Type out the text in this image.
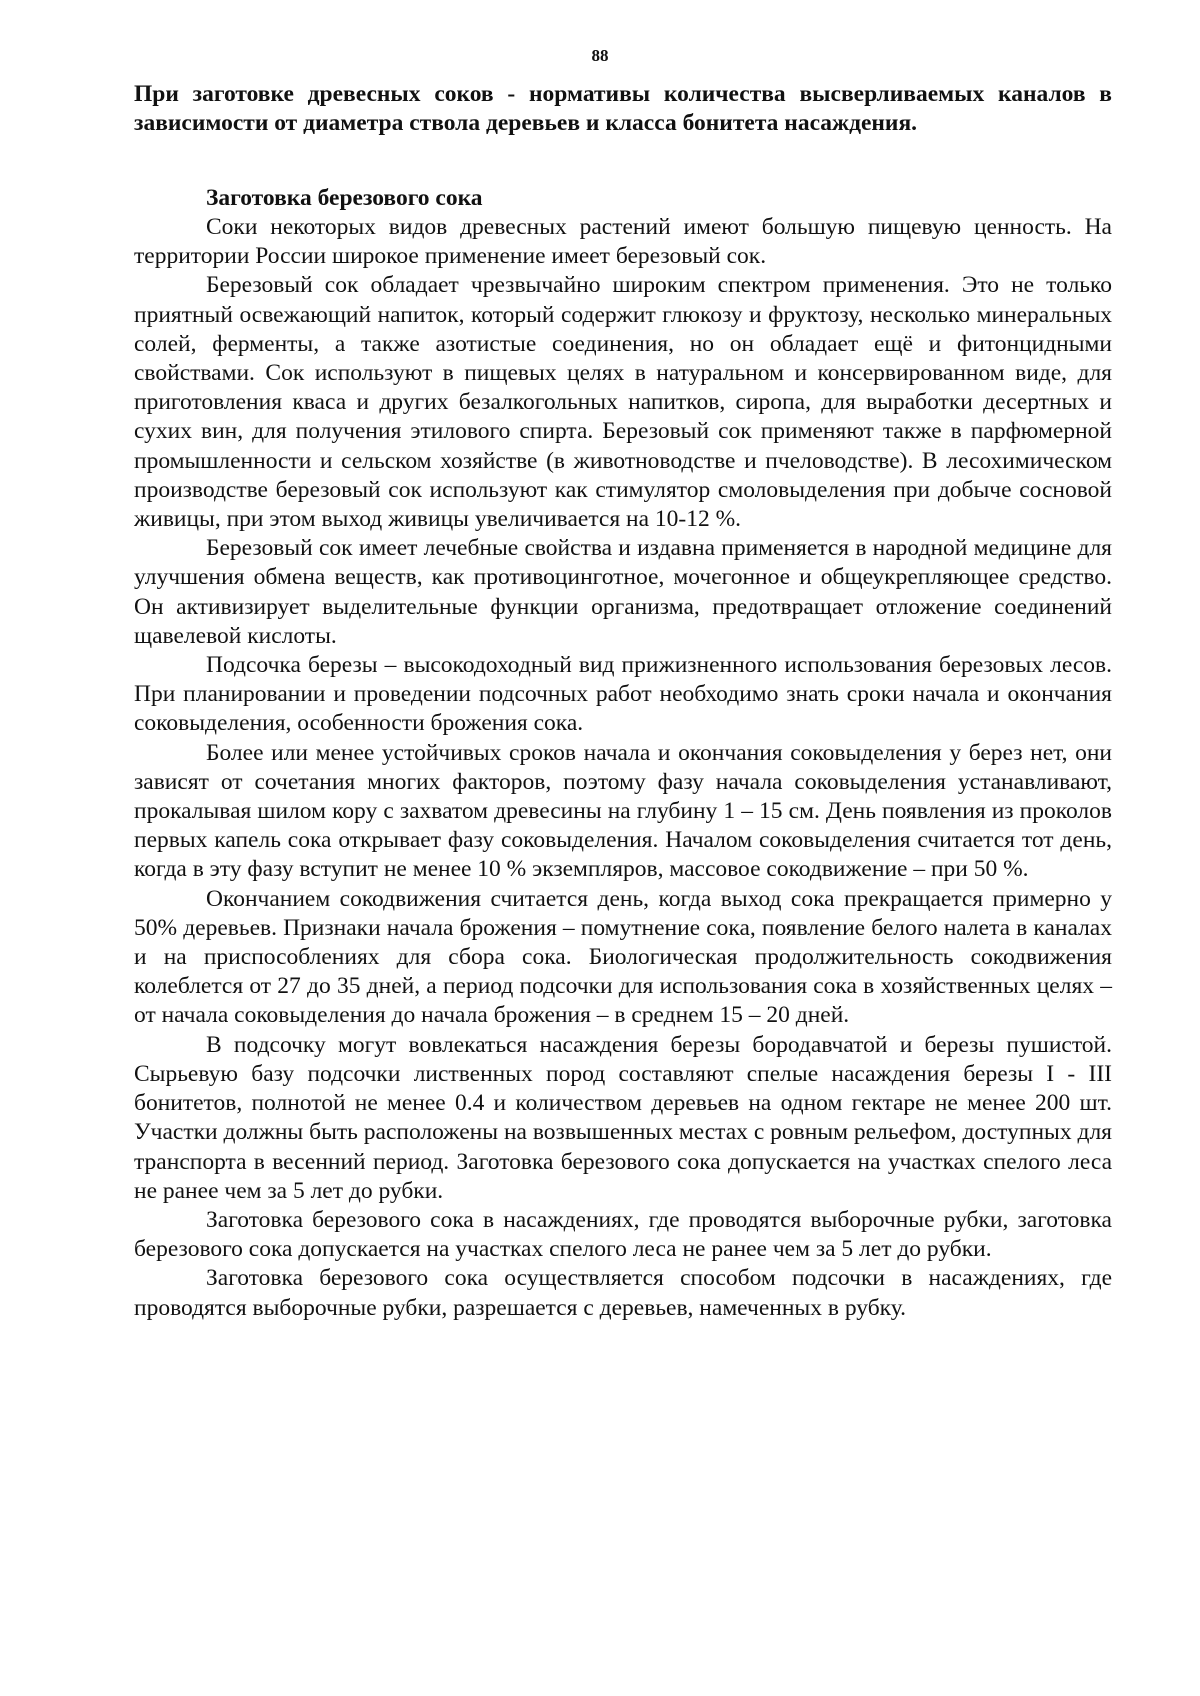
88

При заготовке древесных соков - нормативы количества высверливаемых каналов в зависимости от диаметра ствола деревьев и класса бонитета насаждения.

Заготовка березового сока

Соки некоторых видов древесных растений имеют большую пищевую ценность. На территории России широкое применение имеет березовый сок.

Березовый сок обладает чрезвычайно широким спектром применения. Это не только приятный освежающий напиток, который содержит глюкозу и фруктозу, несколько минеральных солей, ферменты, а также азотистые соединения, но он обладает ещё и фитонцидными свойствами. Сок используют в пищевых целях в натуральном и консервированном виде, для приготовления кваса и других безалкогольных напитков, сиропа, для выработки десертных и сухих вин, для получения этилового спирта. Березовый сок применяют также в парфюмерной промышленности и сельском хозяйстве (в животноводстве и пчеловодстве). В лесохимическом производстве березовый сок используют как стимулятор смоловыделения при добыче сосновой живицы, при этом выход живицы увеличивается на 10-12 %.

Березовый сок имеет лечебные свойства и издавна применяется в народной медицине для улучшения обмена веществ, как противоцинготное, мочегонное и общеукрепляющее средство. Он активизирует выделительные функции организма, предотвращает отложение соединений щавелевой кислоты.

Подсочка березы – высокодоходный вид прижизненного использования березовых лесов. При планировании и проведении подсочных работ необходимо знать сроки начала и окончания соковыделения, особенности брожения сока.

Более или менее устойчивых сроков начала и окончания соковыделения у берез нет, они зависят от сочетания многих факторов, поэтому фазу начала соковыделения устанавливают, прокалывая шилом кору с захватом древесины на глубину 1 – 15 см. День появления из проколов первых капель сока открывает фазу соковыделения. Началом соковыделения считается тот день, когда в эту фазу вступит не менее 10 % экземпляров, массовое сокодвижение – при 50 %.

Окончанием сокодвижения считается день, когда выход сока прекращается примерно у 50% деревьев. Признаки начала брожения – помутнение сока, появление белого налета в каналах и на приспособлениях для сбора сока. Биологическая продолжительность сокодвижения колеблется от 27 до 35 дней, а период подсочки для использования сока в хозяйственных целях – от начала соковыделения до начала брожения – в среднем 15 – 20 дней.

В подсочку могут вовлекаться насаждения березы бородавчатой и березы пушистой. Сырьевую базу подсочки лиственных пород составляют спелые насаждения березы I - III бонитетов, полнотой не менее 0.4 и количеством деревьев на одном гектаре не менее 200 шт. Участки должны быть расположены на возвышенных местах с ровным рельефом, доступных для транспорта в весенний период. Заготовка березового сока допускается на участках спелого леса не ранее чем за 5 лет до рубки.

Заготовка березового сока в насаждениях, где проводятся выборочные рубки, заготовка березового сока допускается на участках спелого леса не ранее чем за 5 лет до рубки.

Заготовка березового сока осуществляется способом подсочки в насаждениях, где проводятся выборочные рубки, разрешается с деревьев, намеченных в рубку.
